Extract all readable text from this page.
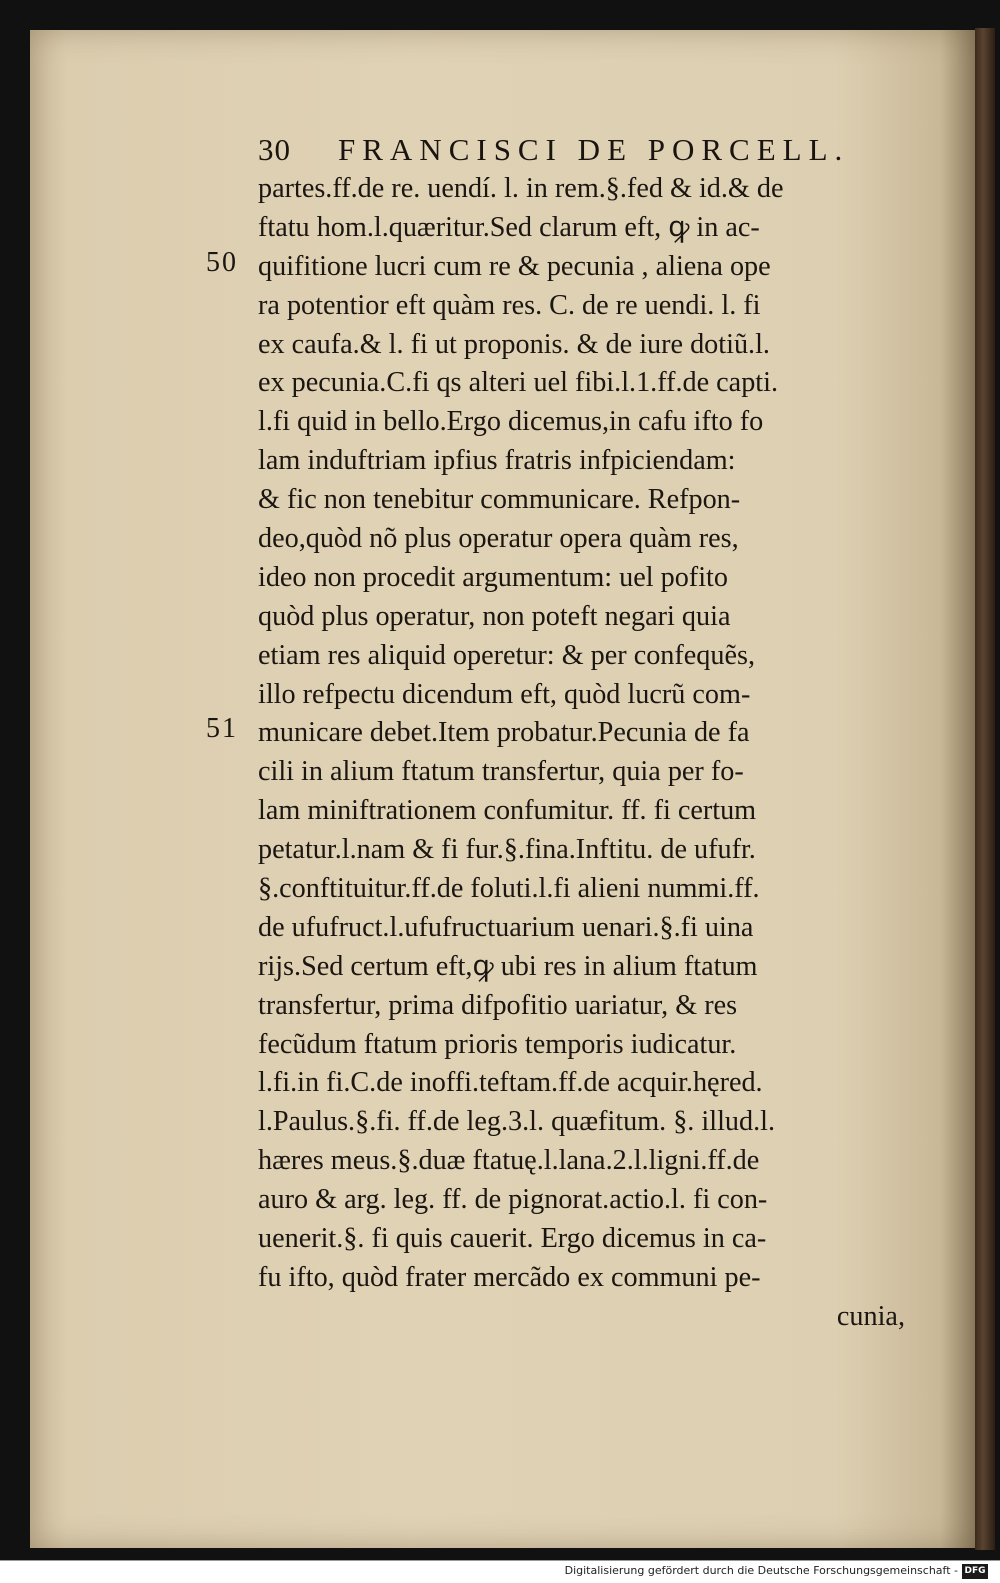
30 FRANCISCI DE PORCELL.
50
51
partes.ff.de re. uendí. l. in rem.§.fed & id.& de
ftatu hom.l.quæritur.Sed clarum eft, ꝙ in ac-
quifitione lucri cum re & pecunia , aliena ope
ra potentior eft quàm res. C. de re uendi. l. fi
ex caufa.& l. fi ut proponis. & de iure dotiũ.l.
ex pecunia.C.fi qs alteri uel fibi.l.1.ff.de capti.
l.fi quid in bello.Ergo dicemus,in cafu ifto fo
lam induftriam ipfius fratris infpiciendam:
& fic non tenebitur communicare. Refpon-
deo,quòd nõ plus operatur opera quàm res,
ideo non procedit argumentum: uel pofito
quòd plus operatur, non poteft negari quia
etiam res aliquid operetur: & per confequẽs,
illo refpectu dicendum eft, quòd lucrũ com-
municare debet.Item probatur.Pecunia de fa
cili in alium ftatum transfertur, quia per fo-
lam miniftrationem confumitur. ff. fi certum
petatur.l.nam & fi fur.§.fina.Inftitu. de ufufr.
§.conftituitur.ff.de foluti.l.fi alieni nummi.ff.
de ufufruct.l.ufufructuarium uenari.§.fi uina
rijs.Sed certum eft,ꝙ ubi res in alium ftatum
transfertur, prima difpofitio uariatur, & res
fecũdum ftatum prioris temporis iudicatur.
l.fi.in fi.C.de inoffi.teftam.ff.de acquir.hęred.
l.Paulus.§.fi. ff.de leg.3.l. quæfitum. §. illud.l.
hæres meus.§.duæ ftatuę.l.lana.2.l.ligni.ff.de
auro & arg. leg. ff. de pignorat.actio.l. fi con-
uenerit.§. fi quis cauerit. Ergo dicemus in ca-
fu ifto, quòd frater mercãdo ex communi pe-
cunia,
Digitalisierung gefördert durch die Deutsche Forschungsgemeinschaft - DFG
